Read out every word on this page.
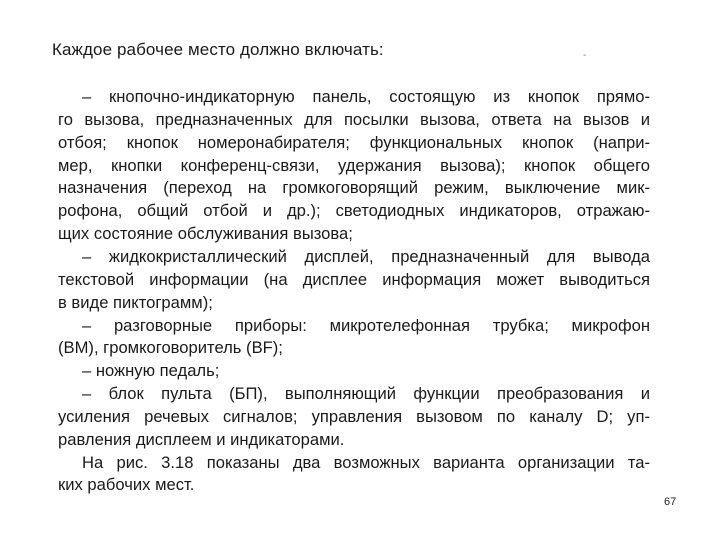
Каждое рабочее место должно включать:	-
– кнопочно-индикаторную панель, состоящую из кнопок прямо-
го вызова, предназначенных для посылки вызова, ответа на вызов и
отбоя; кнопок номеронабирателя; функциональных кнопок (напри-
мер, кнопки конференц-связи, удержания вызова); кнопок общего
назначения (переход на громкоговорящий режим, выключение мик-
рофона, общий отбой и др.); светодиодных индикаторов, отражаю-
щих состояние обслуживания вызова;
– жидкокристаллический дисплей, предназначенный для вывода
текстовой информации (на дисплее информация может выводиться
в виде пиктограмм);
– разговорные приборы: микротелефонная трубка; микрофон
(ВМ), громкоговоритель (BF);
– ножную педаль;
– блок пульта (БП), выполняющий функции преобразования и
усиления речевых сигналов; управления вызовом по каналу D; уп-
равления дисплеем и индикаторами.
На рис. 3.18 показаны два возможных варианта организации та-
ких рабочих мест.
67
